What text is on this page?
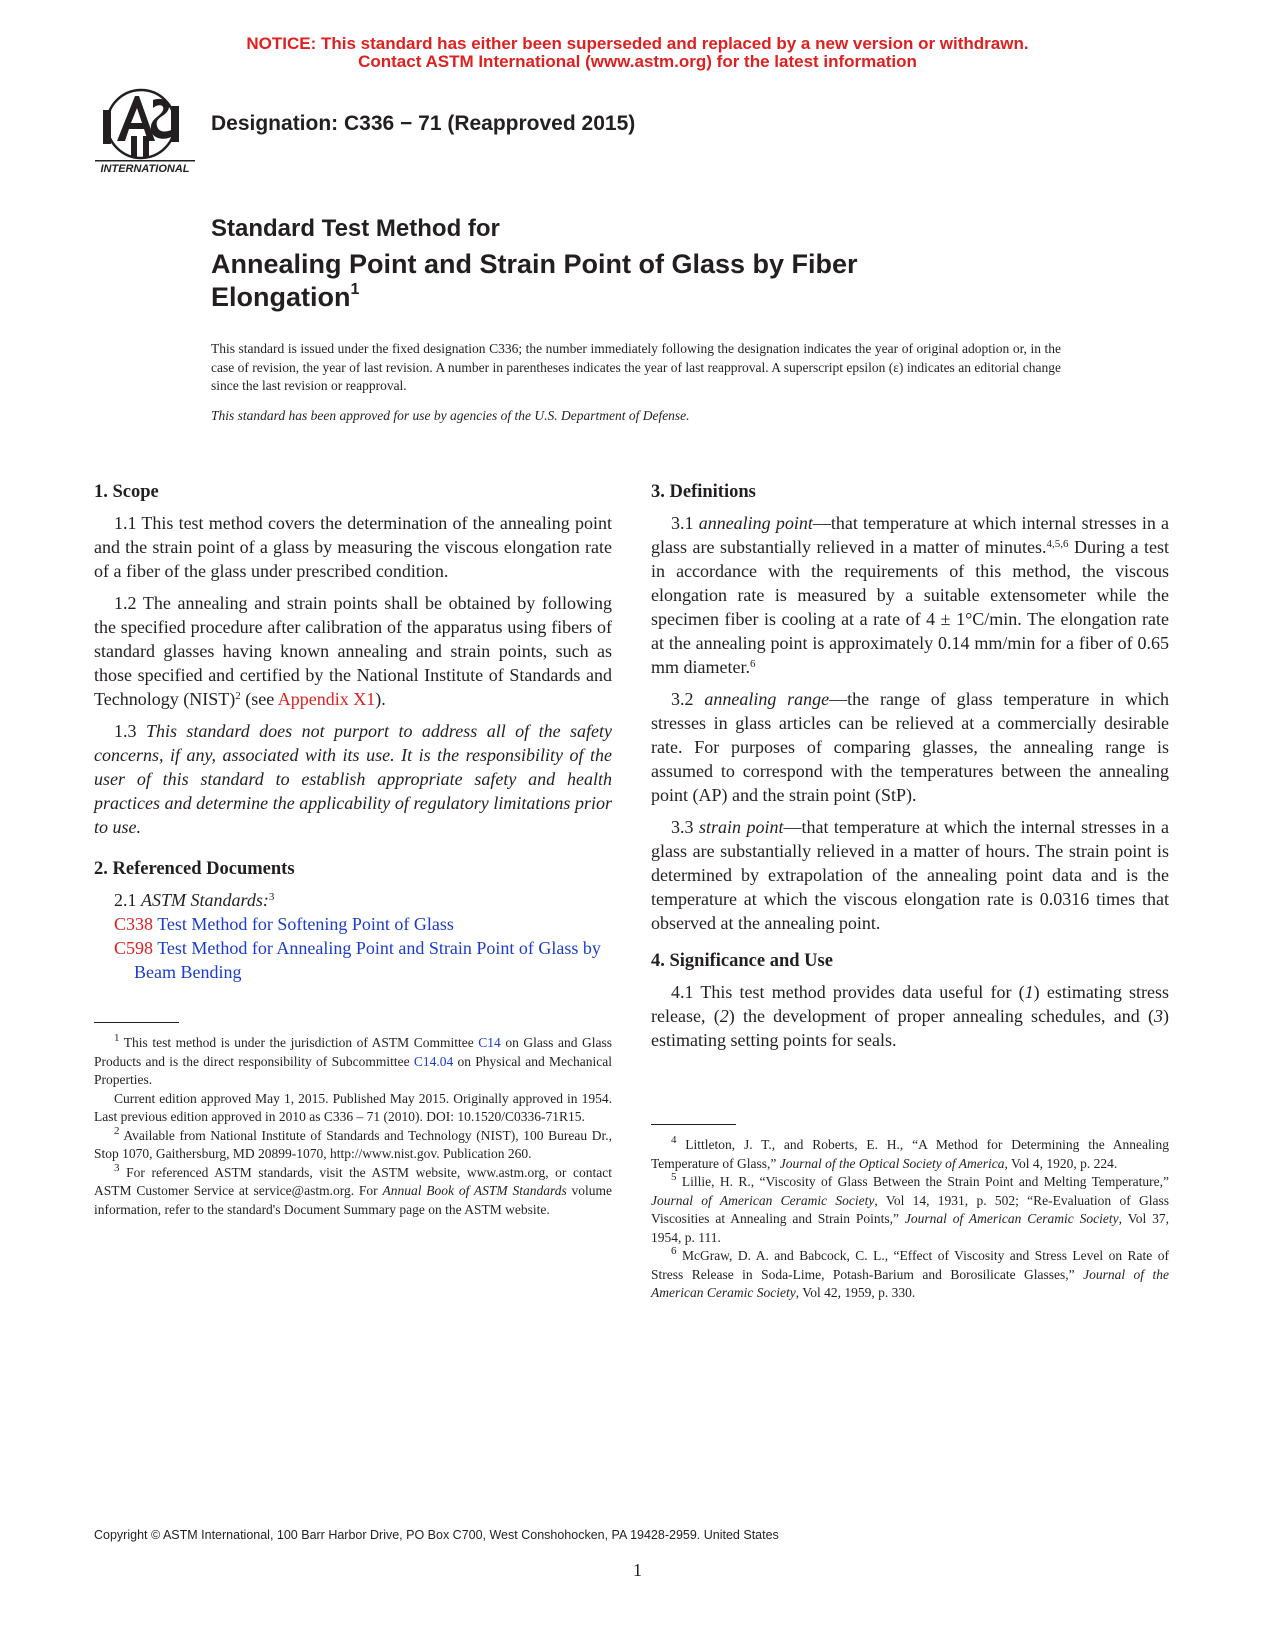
NOTICE: This standard has either been superseded and replaced by a new version or withdrawn.
Contact ASTM International (www.astm.org) for the latest information
INTERNATIONAL
Designation: C336 − 71 (Reapproved 2015)
Standard Test Method for
Annealing Point and Strain Point of Glass by Fiber Elongation$^1$
This standard is issued under the fixed designation C336; the number immediately following the designation indicates the year of original adoption or, in the case of revision, the year of last revision. A number in parentheses indicates the year of last reapproval. A superscript epsilon (ε) indicates an editorial change since the last revision or reapproval.
This standard has been approved for use by agencies of the U.S. Department of Defense.
1. Scope

1.1 This test method covers the determination of the annealing point and the strain point of a glass by measuring the viscous elongation rate of a fiber of the glass under prescribed condition.

1.2 The annealing and strain points shall be obtained by following the specified procedure after calibration of the apparatus using fibers of standard glasses having known annealing and strain points, such as those specified and certified by the National Institute of Standards and Technology (NIST)$^2$ (see Appendix X1).

1.3 This standard does not purport to address all of the safety concerns, if any, associated with its use. It is the responsibility of the user of this standard to establish appropriate safety and health practices and determine the applicability of regulatory limitations prior to use.

2. Referenced Documents

2.1 ASTM Standards:$^3$

C338 Test Method for Softening Point of Glass

C598 Test Method for Annealing Point and Strain Point of Glass by Beam Bending

$^1$ This test method is under the jurisdiction of ASTM Committee C14 on Glass and Glass Products and is the direct responsibility of Subcommittee C14.04 on Physical and Mechanical Properties.

Current edition approved May 1, 2015. Published May 2015. Originally approved in 1954. Last previous edition approved in 2010 as C336 – 71 (2010). DOI: 10.1520/C0336-71R15.

$^2$ Available from National Institute of Standards and Technology (NIST), 100 Bureau Dr., Stop 1070, Gaithersburg, MD 20899-1070, http://www.nist.gov. Publication 260.

$^3$ For referenced ASTM standards, visit the ASTM website, www.astm.org, or contact ASTM Customer Service at service@astm.org. For Annual Book of ASTM Standards volume information, refer to the standard's Document Summary page on the ASTM website.

3. Definitions

3.1 annealing point—that temperature at which internal stresses in a glass are substantially relieved in a matter of minutes.$^{4,5,6}$ During a test in accordance with the requirements of this method, the viscous elongation rate is measured by a suitable extensometer while the specimen fiber is cooling at a rate of 4 ± 1°C/min. The elongation rate at the annealing point is approximately 0.14 mm/min for a fiber of 0.65 mm diameter.$^6$

3.2 annealing range—the range of glass temperature in which stresses in glass articles can be relieved at a commercially desirable rate. For purposes of comparing glasses, the annealing range is assumed to correspond with the temperatures between the annealing point (AP) and the strain point (StP).

3.3 strain point—that temperature at which the internal stresses in a glass are substantially relieved in a matter of hours. The strain point is determined by extrapolation of the annealing point data and is the temperature at which the viscous elongation rate is 0.0316 times that observed at the annealing point.

4. Significance and Use

4.1 This test method provides data useful for (1) estimating stress release, (2) the development of proper annealing schedules, and (3) estimating setting points for seals.

$^4$ Littleton, J. T., and Roberts, E. H., “A Method for Determining the Annealing Temperature of Glass,” Journal of the Optical Society of America, Vol 4, 1920, p. 224.

$^5$ Lillie, H. R., “Viscosity of Glass Between the Strain Point and Melting Temperature,” Journal of American Ceramic Society, Vol 14, 1931, p. 502; “Re-Evaluation of Glass Viscosities at Annealing and Strain Points,” Journal of American Ceramic Society, Vol 37, 1954, p. 111.

$^6$ McGraw, D. A. and Babcock, C. L., “Effect of Viscosity and Stress Level on Rate of Stress Release in Soda-Lime, Potash-Barium and Borosilicate Glasses,” Journal of the American Ceramic Society, Vol 42, 1959, p. 330.

Copyright © ASTM International, 100 Barr Harbor Drive, PO Box C700, West Conshohocken, PA 19428-2959. United States
1
